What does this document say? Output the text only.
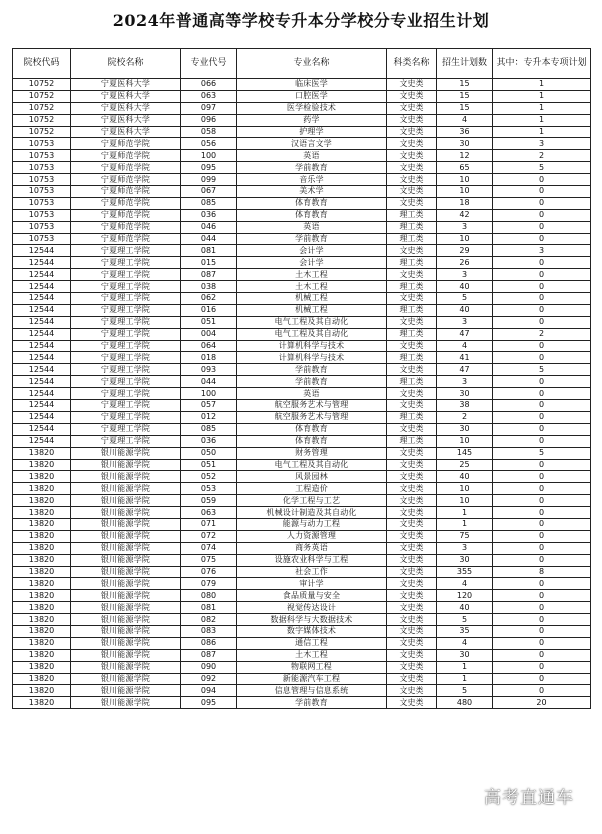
2024年普通高等学校专升本分学校分专业招生计划
院校代码	院校名称	专业代号	专业名称	科类名称	招生计划数	其中：专升本专项计划
10752	宁夏医科大学	066	临床医学	文史类	15	1
10752	宁夏医科大学	063	口腔医学	文史类	15	1
10752	宁夏医科大学	097	医学检验技术	文史类	15	1
10752	宁夏医科大学	096	药学	文史类	4	1
10752	宁夏医科大学	058	护理学	文史类	36	1
10753	宁夏师范学院	056	汉语言文学	文史类	30	3
10753	宁夏师范学院	100	英语	文史类	12	2
10753	宁夏师范学院	095	学前教育	文史类	65	5
10753	宁夏师范学院	099	音乐学	文史类	10	0
10753	宁夏师范学院	067	美术学	文史类	10	0
10753	宁夏师范学院	085	体育教育	文史类	18	0
10753	宁夏师范学院	036	体育教育	理工类	42	0
10753	宁夏师范学院	046	英语	理工类	3	0
10753	宁夏师范学院	044	学前教育	理工类	10	0
12544	宁夏理工学院	081	会计学	文史类	29	3
12544	宁夏理工学院	015	会计学	理工类	26	0
12544	宁夏理工学院	087	土木工程	文史类	3	0
12544	宁夏理工学院	038	土木工程	理工类	40	0
12544	宁夏理工学院	062	机械工程	文史类	5	0
12544	宁夏理工学院	016	机械工程	理工类	40	0
12544	宁夏理工学院	051	电气工程及其自动化	文史类	3	0
12544	宁夏理工学院	004	电气工程及其自动化	理工类	47	2
12544	宁夏理工学院	064	计算机科学与技术	文史类	4	0
12544	宁夏理工学院	018	计算机科学与技术	理工类	41	0
12544	宁夏理工学院	093	学前教育	文史类	47	5
12544	宁夏理工学院	044	学前教育	理工类	3	0
12544	宁夏理工学院	100	英语	文史类	30	0
12544	宁夏理工学院	057	航空服务艺术与管理	文史类	38	0
12544	宁夏理工学院	012	航空服务艺术与管理	理工类	2	0
12544	宁夏理工学院	085	体育教育	文史类	30	0
12544	宁夏理工学院	036	体育教育	理工类	10	0
13820	银川能源学院	050	财务管理	文史类	145	5
13820	银川能源学院	051	电气工程及其自动化	文史类	25	0
13820	银川能源学院	052	风景园林	文史类	40	0
13820	银川能源学院	053	工程造价	文史类	10	0
13820	银川能源学院	059	化学工程与工艺	文史类	10	0
13820	银川能源学院	063	机械设计制造及其自动化	文史类	1	0
13820	银川能源学院	071	能源与动力工程	文史类	1	0
13820	银川能源学院	072	人力资源管理	文史类	75	0
13820	银川能源学院	074	商务英语	文史类	3	0
13820	银川能源学院	075	设施农业科学与工程	文史类	30	0
13820	银川能源学院	076	社会工作	文史类	355	8
13820	银川能源学院	079	审计学	文史类	4	0
13820	银川能源学院	080	食品质量与安全	文史类	120	0
13820	银川能源学院	081	视觉传达设计	文史类	40	0
13820	银川能源学院	082	数据科学与大数据技术	文史类	5	0
13820	银川能源学院	083	数字媒体技术	文史类	35	0
13820	银川能源学院	086	通信工程	文史类	4	0
13820	银川能源学院	087	土木工程	文史类	30	0
13820	银川能源学院	090	物联网工程	文史类	1	0
13820	银川能源学院	092	新能源汽车工程	文史类	1	0
13820	银川能源学院	094	信息管理与信息系统	文史类	5	0
13820	银川能源学院	095	学前教育	文史类	480	20
高考直通车
